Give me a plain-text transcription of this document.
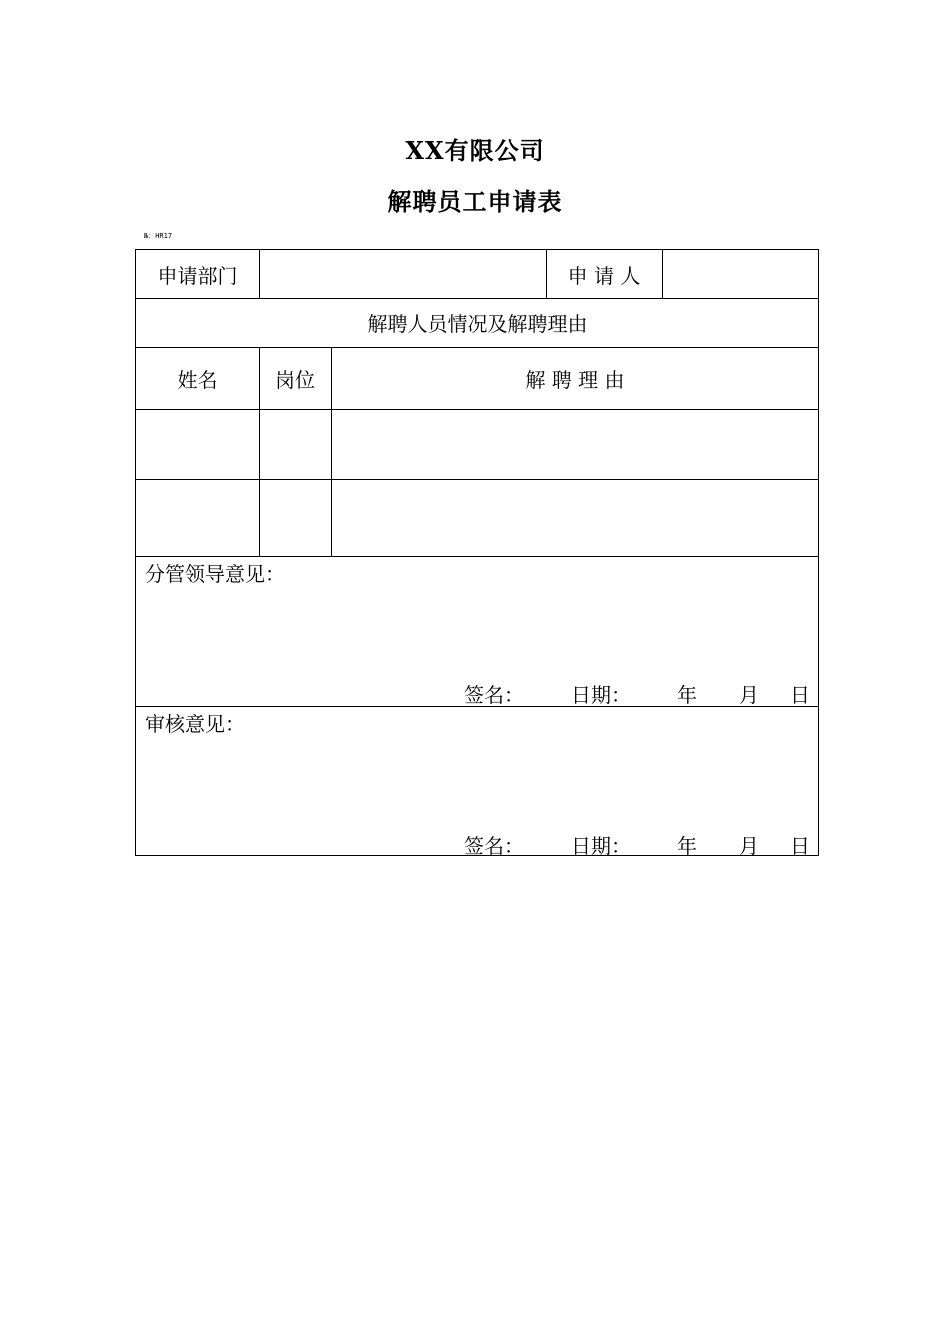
XX有限公司
解聘员工申请表
№：HR17
申请部门	申 请 人
解聘人员情况及解聘理由
姓名	岗位	解 聘 理 由
分管领导意见：
签名： 日期： 年 月 日
审核意见：
签名： 日期： 年 月 日
